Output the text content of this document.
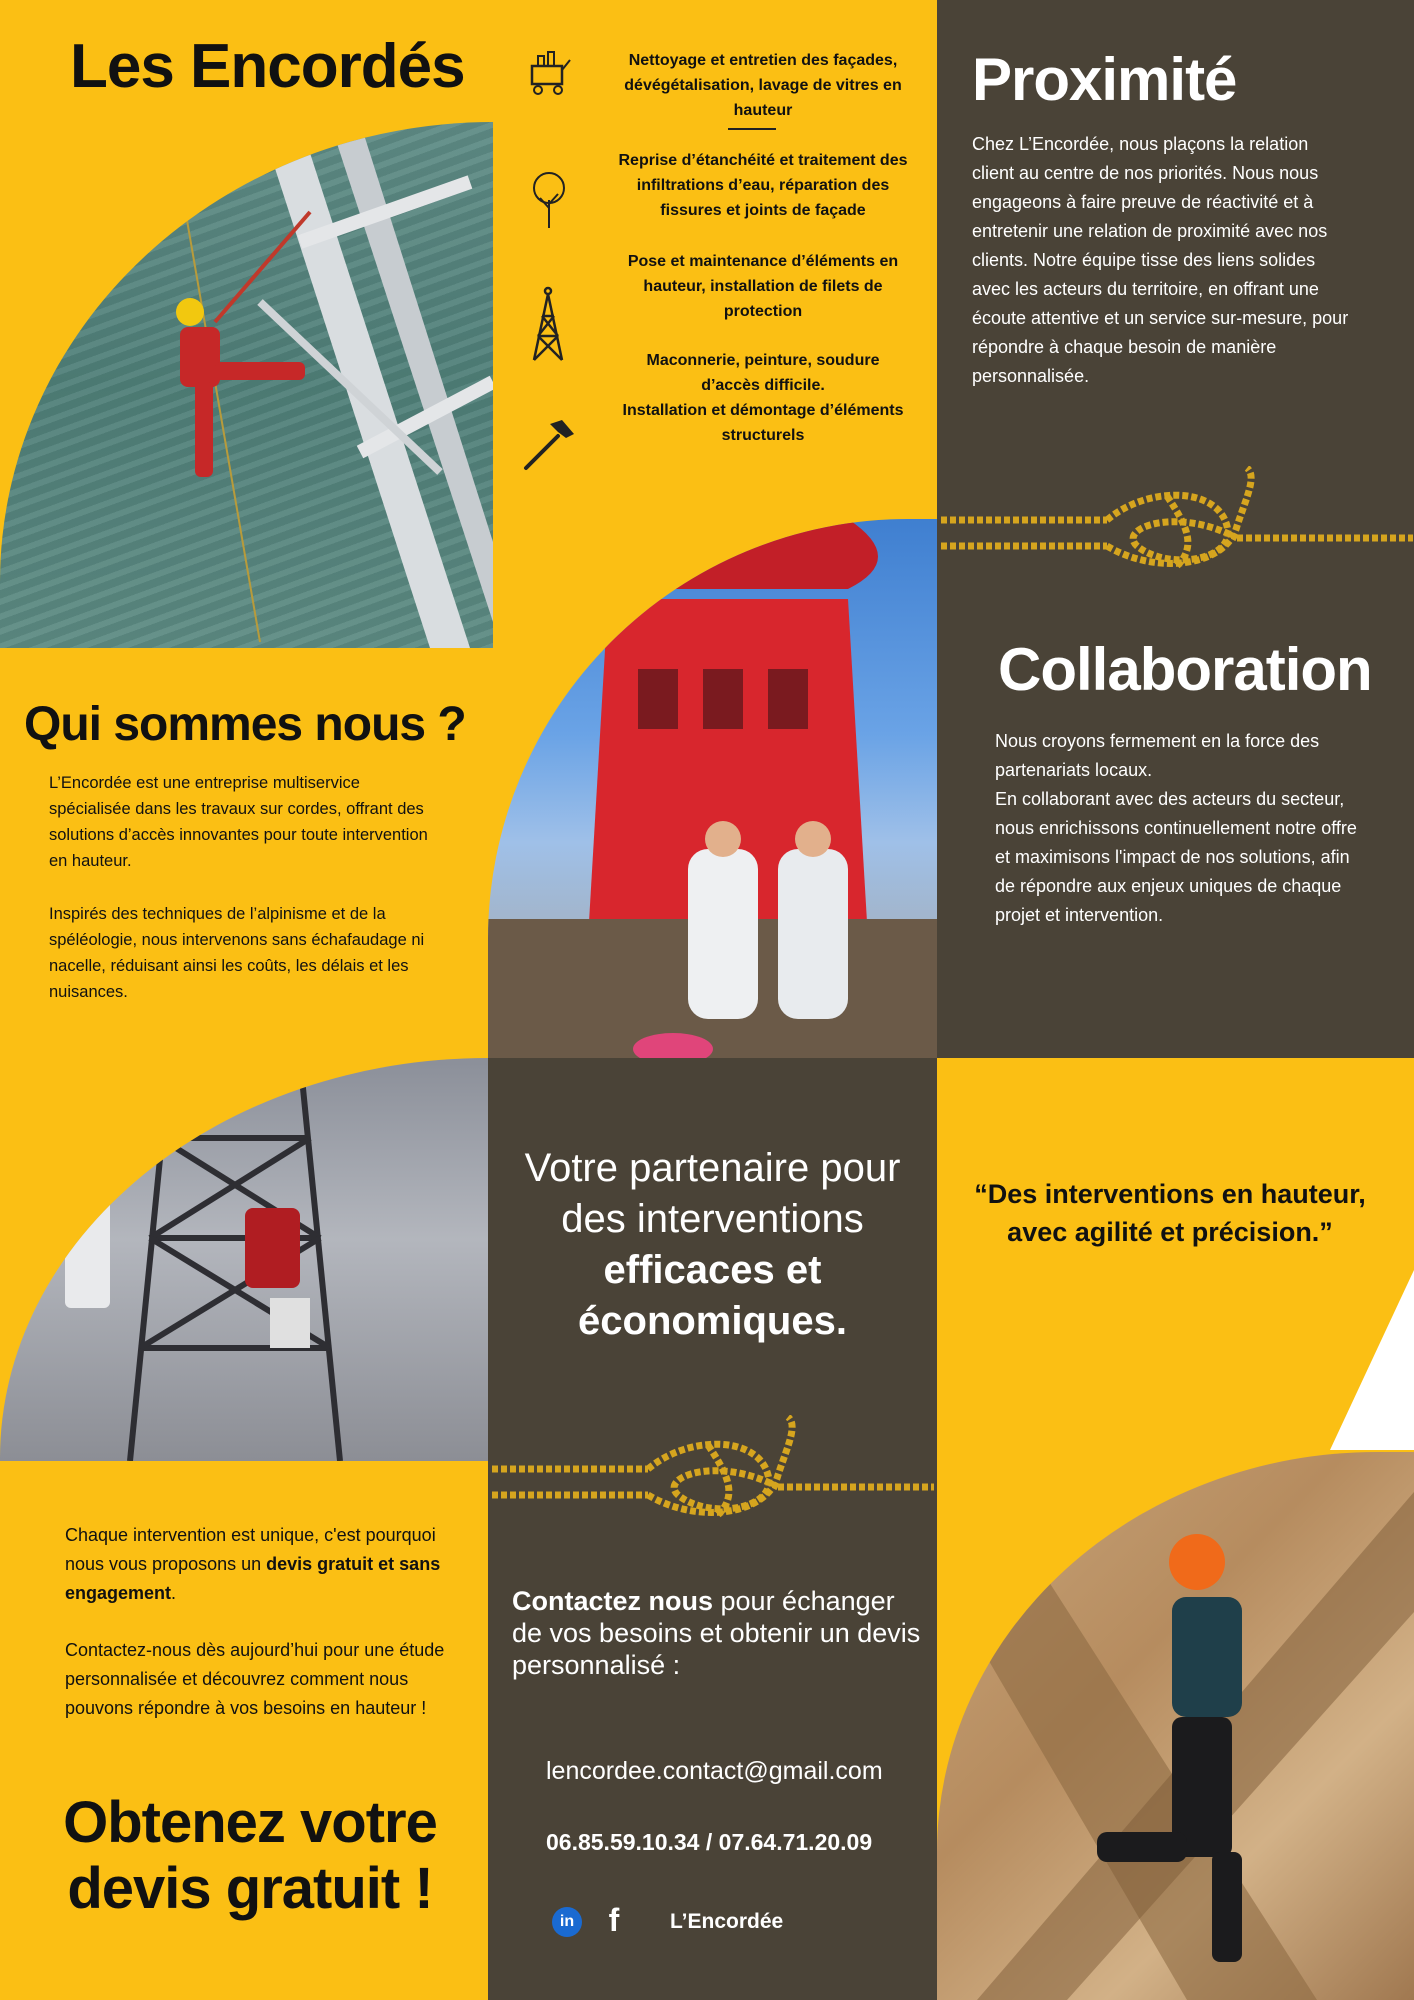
Les Encordés	Nettoyage et entretien des façades, dévégétalisation, lavage de vitres en hauteur
Reprise d’étanchéité et traitement des infiltrations d’eau, réparation des fissures et joints de façade
Pose et maintenance d’éléments en hauteur, installation de filets de protection
Maconnerie, peinture, soudure d’accès difficile.
Installation et démontage d’éléments structurels
Proximité
Chez L’Encordée, nous plaçons la relation client au centre de nos priorités. Nous nous engageons à faire preuve de réactivité et à entretenir une relation de proximité avec nos clients. Notre équipe tisse des liens solides avec les acteurs du territoire, en offrant une écoute attentive et un service sur-mesure, pour répondre à chaque besoin de manière personnalisée.
Qui sommes nous ?
L’Encordée est une entreprise multiservice spécialisée dans les travaux sur cordes, offrant des solutions d’accès innovantes pour toute intervention en hauteur.
Inspirés des techniques de l’alpinisme et de la spéléologie, nous intervenons sans échafaudage ni nacelle, réduisant ainsi les coûts, les délais et les nuisances.
Collaboration
Nous croyons fermement en la force des partenariats locaux.
En collaborant avec des acteurs du secteur, nous enrichissons continuellement notre offre et maximisons l'impact de nos solutions, afin de répondre aux enjeux uniques de chaque projet et intervention.
Votre partenaire pour des interventions
efficaces et économiques.
“Des interventions en hauteur, avec agilité et précision.”
Chaque intervention est unique, c'est pourquoi nous vous proposons un devis gratuit et sans engagement.
Contactez-nous dès aujourd’hui pour une étude personnalisée et découvrez comment nous pouvons répondre à vos besoins en hauteur !
Obtenez votre devis gratuit !
Contactez nous pour échanger de vos besoins et obtenir un devis personnalisé :
lencordee.contact@gmail.com
06.85.59.10.34 / 07.64.71.20.09
in f L’Encordée
